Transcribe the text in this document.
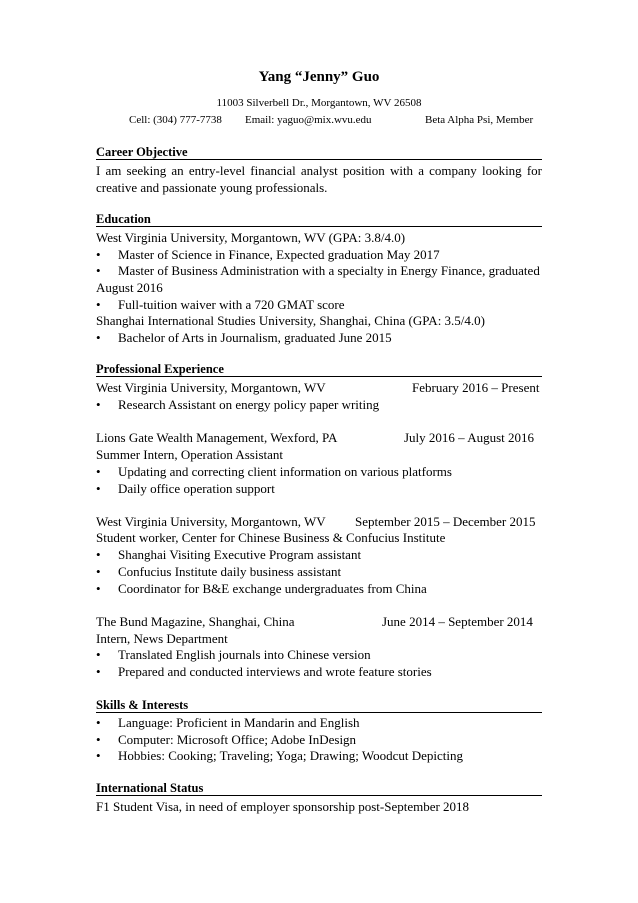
Yang “Jenny” Guo
11003 Silverbell Dr., Morgantown, WV 26508
Cell: (304) 777-7738 Email: yaguo@mix.wvu.edu	Beta Alpha Psi, Member
Career Objective
I am seeking an entry-level financial analyst position with a company looking for
creative and passionate young professionals.
Education
West Virginia University, Morgantown, WV (GPA: 3.8/4.0)
• Master of Science in Finance, Expected graduation May 2017
• Master of Business Administration with a specialty in Energy Finance, graduated
August 2016
• Full-tuition waiver with a 720 GMAT score
Shanghai International Studies University, Shanghai, China (GPA: 3.5/4.0)
• Bachelor of Arts in Journalism, graduated June 2015
Professional Experience
West Virginia University, Morgantown, WV	February 2016 – Present
• Research Assistant on energy policy paper writing
Lions Gate Wealth Management, Wexford, PA	July 2016 – August 2016
Summer Intern, Operation Assistant
• Updating and correcting client information on various platforms
• Daily office operation support
West Virginia University, Morgantown, WV September 2015 – December 2015
Student worker, Center for Chinese Business & Confucius Institute
• Shanghai Visiting Executive Program assistant
• Confucius Institute daily business assistant
• Coordinator for B&E exchange undergraduates from China
The Bund Magazine, Shanghai, China	June 2014 – September 2014
Intern, News Department
• Translated English journals into Chinese version
• Prepared and conducted interviews and wrote feature stories
Skills & Interests
• Language: Proficient in Mandarin and English
• Computer: Microsoft Office; Adobe InDesign
• Hobbies: Cooking; Traveling; Yoga; Drawing; Woodcut Depicting
International Status
F1 Student Visa, in need of employer sponsorship post-September 2018
